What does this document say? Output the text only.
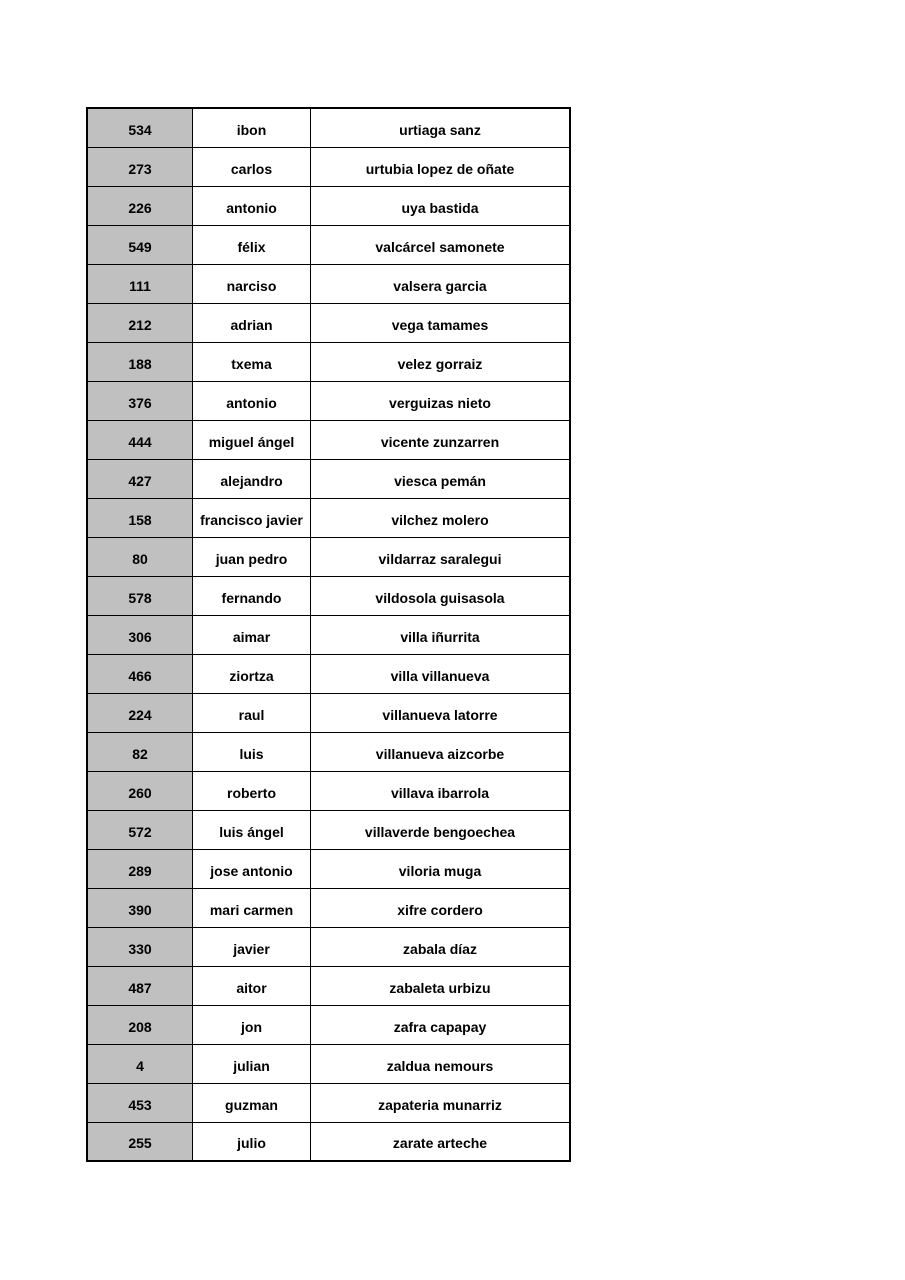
534	ibon	urtiaga sanz
273	carlos	urtubia lopez de oñate
226	antonio	uya bastida
549	félix	valcárcel samonete
111	narciso	valsera garcia
212	adrian	vega tamames
188	txema	velez gorraiz
376	antonio	verguizas nieto
444	miguel ángel	vicente zunzarren
427	alejandro	viesca pemán
158	francisco javier	vilchez molero
80	juan pedro	vildarraz saralegui
578	fernando	vildosola guisasola
306	aimar	villa iñurrita
466	ziortza	villa villanueva
224	raul	villanueva latorre
82	luis	villanueva aizcorbe
260	roberto	villava ibarrola
572	luis ángel	villaverde bengoechea
289	jose antonio	viloria muga
390	mari carmen	xifre cordero
330	javier	zabala díaz
487	aitor	zabaleta urbizu
208	jon	zafra capapay
4	julian	zaldua nemours
453	guzman	zapateria munarriz
255	julio	zarate arteche
